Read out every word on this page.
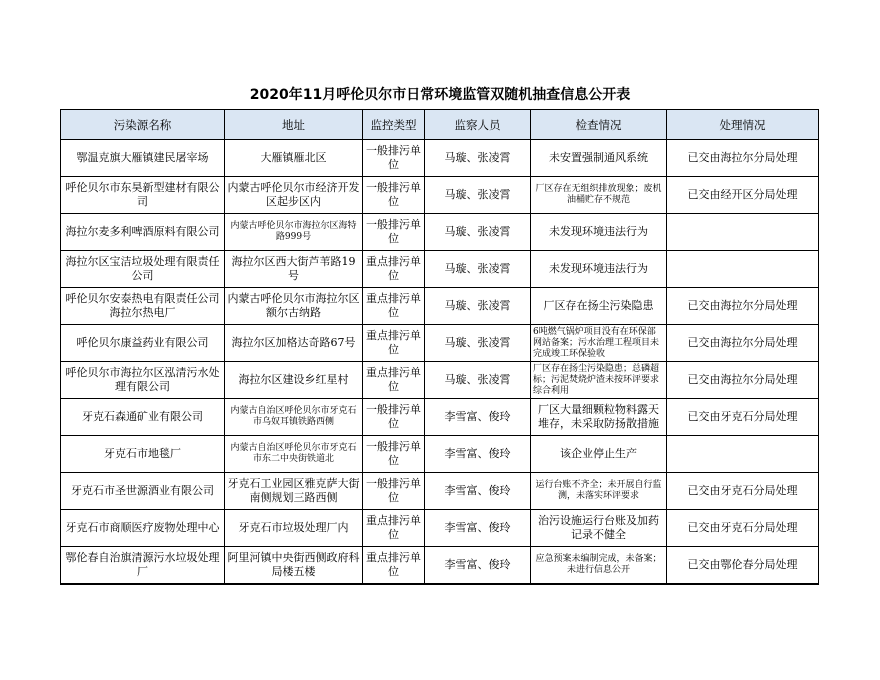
2020年11月呼伦贝尔市日常环境监管双随机抽查信息公开表
污染源名称	地址	监控类型	监察人员	检查情况	处理情况
鄂温克旗大雁镇建民屠宰场	大雁镇雁北区	一般排污单位	马璇、张凌霄	未安置强制通风系统	已交由海拉尔分局处理
呼伦贝尔市东昊新型建材有限公司	内蒙古呼伦贝尔市经济开发区起步区内	一般排污单位	马璇、张凌霄	厂区存在无组织排放现象；废机油桶贮存不规范	已交由经开区分局处理
海拉尔麦多利啤酒原料有限公司	内蒙古呼伦贝尔市海拉尔区海特路999号	一般排污单位	马璇、张凌霄	未发现环境违法行为	
海拉尔区宝洁垃圾处理有限责任公司	海拉尔区西大街芦苇路19号	重点排污单位	马璇、张凌霄	未发现环境违法行为	
呼伦贝尔安泰热电有限责任公司海拉尔热电厂	内蒙古呼伦贝尔市海拉尔区额尔古纳路	重点排污单位	马璇、张凌霄	厂区存在扬尘污染隐患	已交由海拉尔分局处理
呼伦贝尔康益药业有限公司	海拉尔区加格达奇路67号	重点排污单位	马璇、张凌霄	6吨燃气锅炉项目没有在环保部网站备案；污水治理工程项目未完成竣工环保验收	已交由海拉尔分局处理
呼伦贝尔市海拉尔区泓清污水处理有限公司	海拉尔区建设乡红星村	重点排污单位	马璇、张凌霄	厂区存在扬尘污染隐患；总磷超标；污泥焚烧炉渣未按环评要求综合利用	已交由海拉尔分局处理
牙克石森通矿业有限公司	内蒙古自治区呼伦贝尔市牙克石市乌奴耳镇铁路西侧	一般排污单位	李雪富、俊玲	厂区大量细颗粒物料露天堆存，未采取防扬散措施	已交由牙克石分局处理
牙克石市地毯厂	内蒙古自治区呼伦贝尔市牙克石市东二中央街铁道北	一般排污单位	李雪富、俊玲	该企业停止生产	
牙克石市圣世源酒业有限公司	牙克石工业园区雅克萨大街南侧规划三路西侧	一般排污单位	李雪富、俊玲	运行台账不齐全；未开展自行监测，未落实环评要求	已交由牙克石分局处理
牙克石市商顺医疗废物处理中心	牙克石市垃圾处理厂内	重点排污单位	李雪富、俊玲	治污设施运行台账及加药记录不健全	已交由牙克石分局处理
鄂伦春自治旗清源污水垃圾处理厂	阿里河镇中央街西侧政府科局楼五楼	重点排污单位	李雪富、俊玲	应急预案未编制完成，未备案；未进行信息公开	已交由鄂伦春分局处理
